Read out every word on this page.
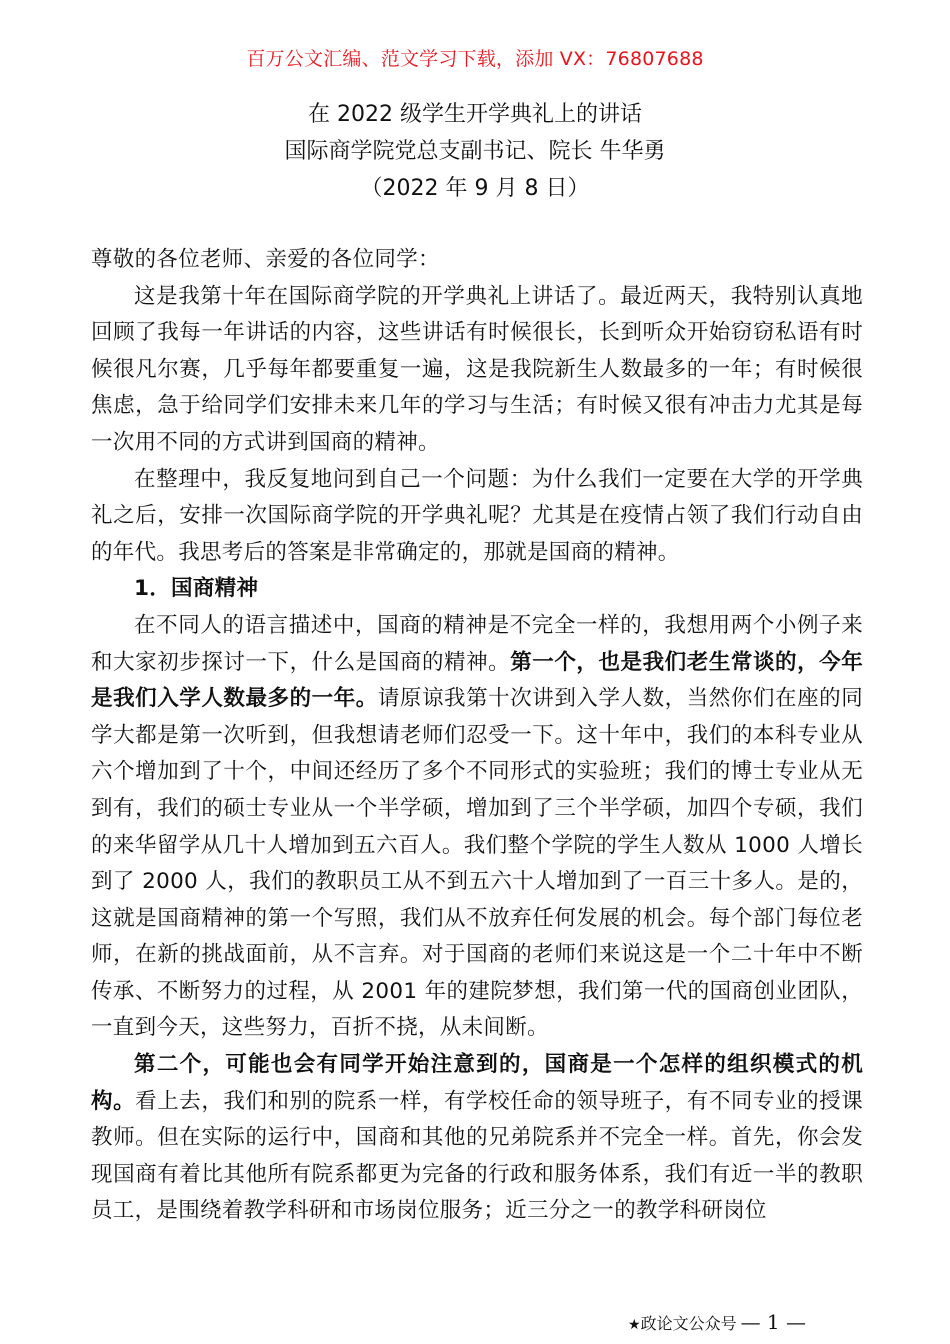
百万公文汇编、范文学习下载，添加 VX：76807688
在 2022 级学生开学典礼上的讲话
国际商学院党总支副书记、院长 牛华勇
（2022 年 9 月 8 日）

尊敬的各位老师、亲爱的各位同学：

这是我第十年在国际商学院的开学典礼上讲话了。最近两天，我特别认真地回顾了我每一年讲话的内容，这些讲话有时候很长，长到听众开始窃窃私语有时候很凡尔赛，几乎每年都要重复一遍，这是我院新生人数最多的一年；有时候很焦虑，急于给同学们安排未来几年的学习与生活；有时候又很有冲击力尤其是每一次用不同的方式讲到国商的精神。

在整理中，我反复地问到自己一个问题：为什么我们一定要在大学的开学典礼之后，安排一次国际商学院的开学典礼呢？尤其是在疫情占领了我们行动自由的年代。我思考后的答案是非常确定的，那就是国商的精神。

1．国商精神

在不同人的语言描述中，国商的精神是不完全一样的，我想用两个小例子来和大家初步探讨一下，什么是国商的精神。第一个，也是我们老生常谈的，今年是我们入学人数最多的一年。请原谅我第十次讲到入学人数，当然你们在座的同学大都是第一次听到，但我想请老师们忍受一下。这十年中，我们的本科专业从六个增加到了十个，中间还经历了多个不同形式的实验班；我们的博士专业从无到有，我们的硕士专业从一个半学硕，增加到了三个半学硕，加四个专硕，我们的来华留学从几十人增加到五六百人。我们整个学院的学生人数从 1000 人增长到了 2000 人，我们的教职员工从不到五六十人增加到了一百三十多人。是的，这就是国商精神的第一个写照，我们从不放弃任何发展的机会。每个部门每位老师，在新的挑战面前，从不言弃。对于国商的老师们来说这是一个二十年中不断传承、不断努力的过程，从 2001 年的建院梦想，我们第一代的国商创业团队，一直到今天，这些努力，百折不挠，从未间断。

第二个，可能也会有同学开始注意到的，国商是一个怎样的组织模式的机构。看上去，我们和别的院系一样，有学校任命的领导班子，有不同专业的授课教师。但在实际的运行中，国商和其他的兄弟院系并不完全一样。首先，你会发现国商有着比其他所有院系都更为完备的行政和服务体系，我们有近一半的教职员工，是围绕着教学科研和市场岗位服务；近三分之一的教学科研岗位

★政论文公众号 — 1 —
